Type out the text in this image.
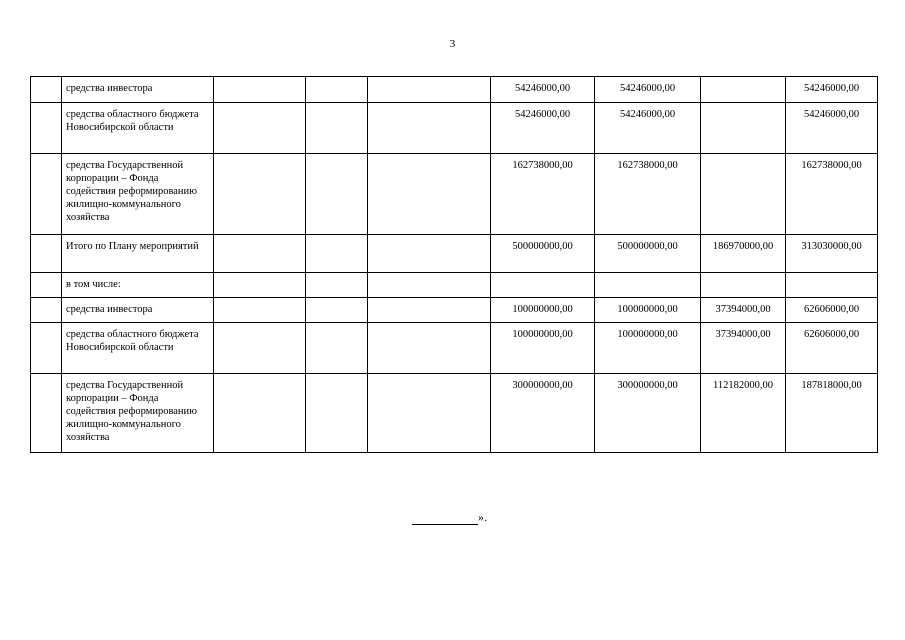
3
	средства инвестора				54246000,00	54246000,00		54246000,00
	средства областного бюджета Новосибирской области				54246000,00	54246000,00		54246000,00
	средства Государственной корпорации – Фонда содействия реформированию жилищно-коммунального хозяйства				162738000,00	162738000,00		162738000,00
	Итого по Плану мероприятий				500000000,00	500000000,00	186970000,00	313030000,00
	в том числе:							
	средства инвестора				100000000,00	100000000,00	37394000,00	62606000,00
	средства областного бюджета Новосибирской области				100000000,00	100000000,00	37394000,00	62606000,00
	средства Государственной корпорации – Фонда содействия реформированию жилищно-коммунального хозяйства				300000000,00	300000000,00	112182000,00	187818000,00
».
